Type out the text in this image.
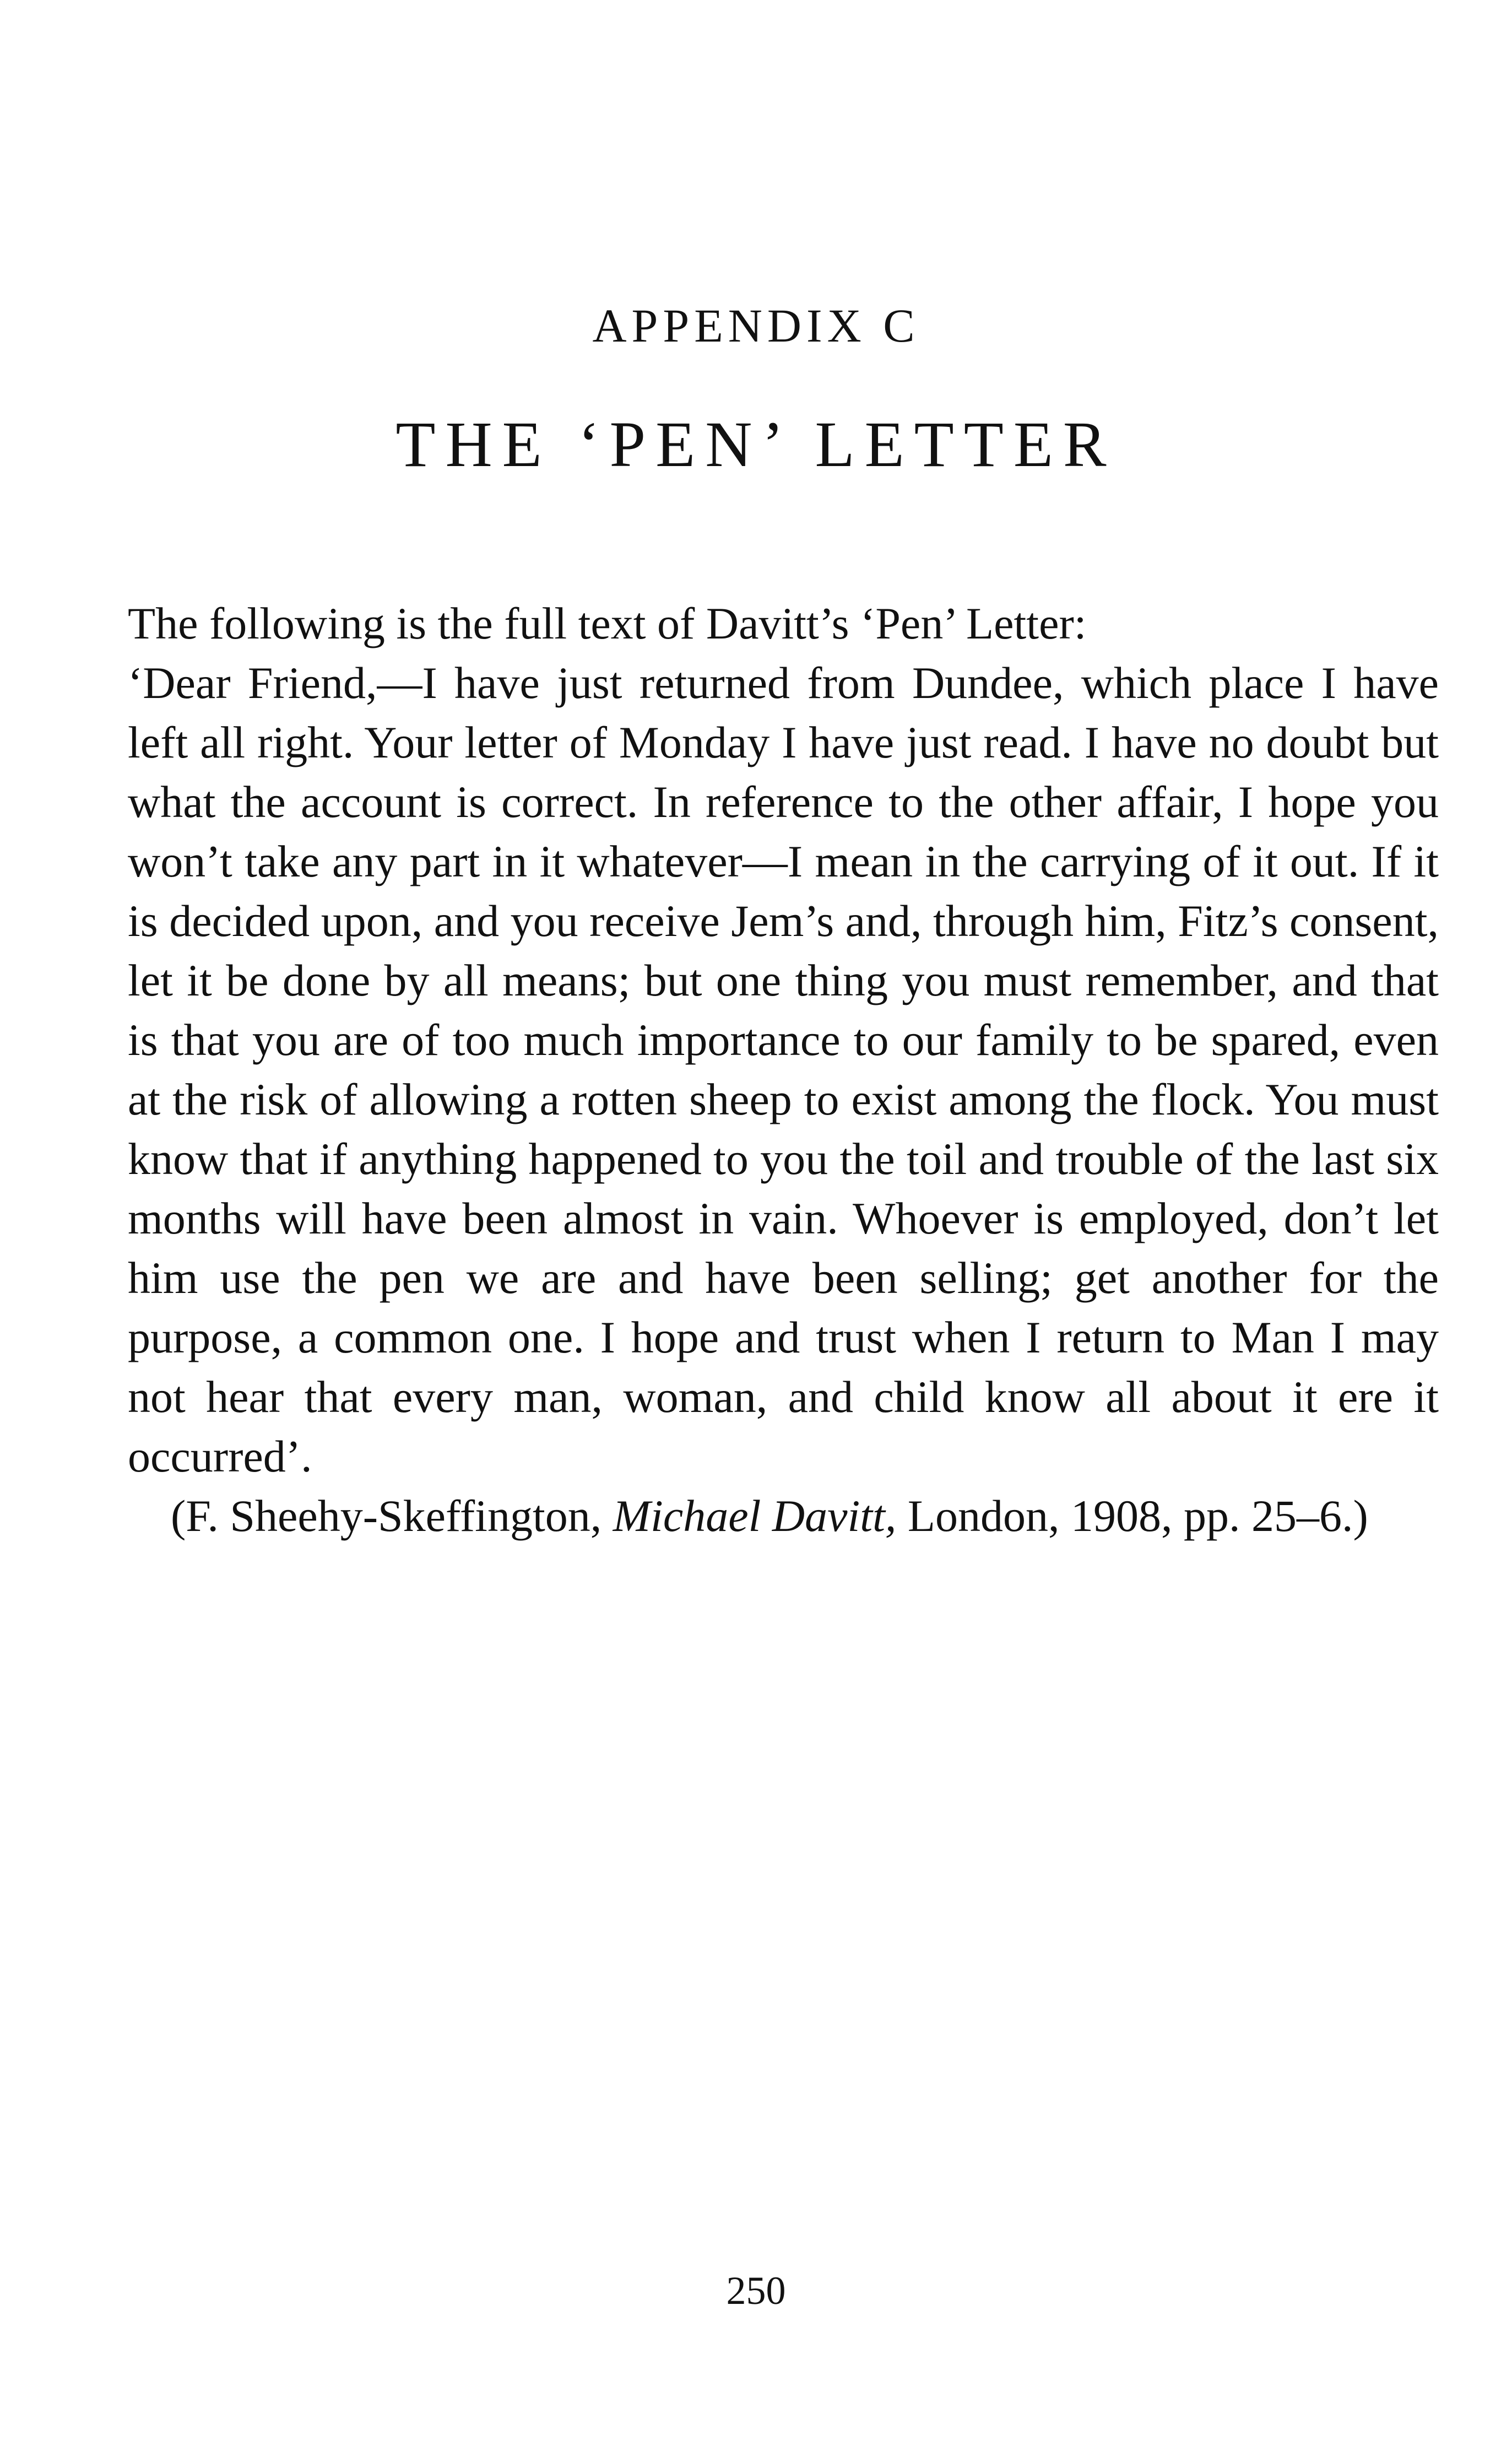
APPENDIX C
THE ‘PEN’ LETTER

The following is the full text of Davitt’s ‘Pen’ Letter:

‘Dear Friend,—I have just returned from Dundee, which place I have left all right. Your letter of Monday I have just read. I have no doubt but what the account is correct. In reference to the other affair, I hope you won’t take any part in it whatever—I mean in the carrying of it out. If it is decided upon, and you receive Jem’s and, through him, Fitz’s consent, let it be done by all means; but one thing you must remember, and that is that you are of too much importance to our family to be spared, even at the risk of allowing a rotten sheep to exist among the flock. You must know that if anything happened to you the toil and trouble of the last six months will have been almost in vain. Whoever is employed, don’t let him use the pen we are and have been selling; get another for the purpose, a common one. I hope and trust when I return to Man I may not hear that every man, woman, and child know all about it ere it occurred’.

(F. Sheehy-Skeffington, Michael Davitt, London, 1908, pp. 25–6.)

250
